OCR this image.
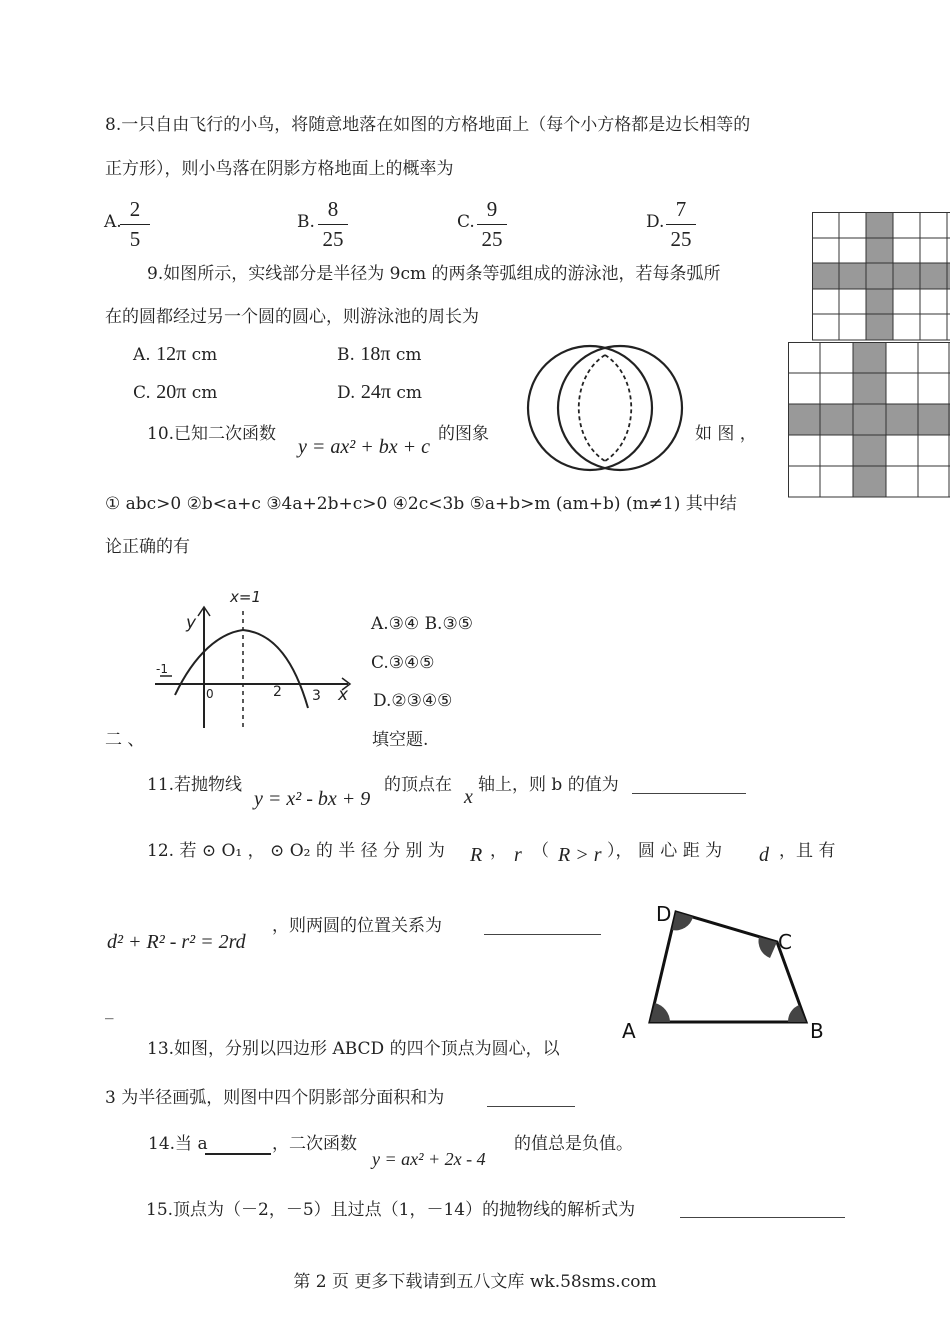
8.一只自由飞行的小鸟，将随意地落在如图的方格地面上（每个小方格都是边长相等的
正方形），则小鸟落在阴影方格地面上的概率为
A.
$\frac{2}{5}$	B. $\frac{8}{25}$	C. $\frac{9}{25}$	D. $\frac{7}{25}$
9.如图所示，实线部分是半径为 9cm 的两条等弧组成的游泳池，若每条弧所
在的圆都经过另一个圆的圆心，则游泳池的周长为
A. 12π cm	B. 18π cm
C. 20π cm	D. 24π cm
10.已知二次函数
y = ax² + bx + c
的图象	如 图 ，
① abc>0 ②b<a+c ③4a+2b+c>0 ④2c<3b ⑤a+b>m (am+b) (m≠1) 其中结
论正确的有
x=1
y
-1
0	2 3 x
A.③④ B.③⑤
C.③④⑤
D.②③④⑤
二 、	填空题.
11.若抛物线
y = x² - bx + 9
的顶点在
x
轴上，则 b 的值为
12. 若 ⊙ O₁ ， ⊙ O₂ 的 半 径 分 别 为 R ， r （ R > r ）， 圆 心 距 为 d ，且 有
d² + R² - r² = 2rd
，则两圆的位置关系为
_
D
C
A	B
13.如图，分别以四边形 ABCD 的四个顶点为圆心，以
3 为半径画弧，则图中四个阴影部分面积和为
14.当 a	，二次函数
y = ax² + 2x - 4
的值总是负值。
15.顶点为（－2，－5）且过点（1，－14）的抛物线的解析式为
第 2 页 更多下载请到五八文库 wk.58sms.com
